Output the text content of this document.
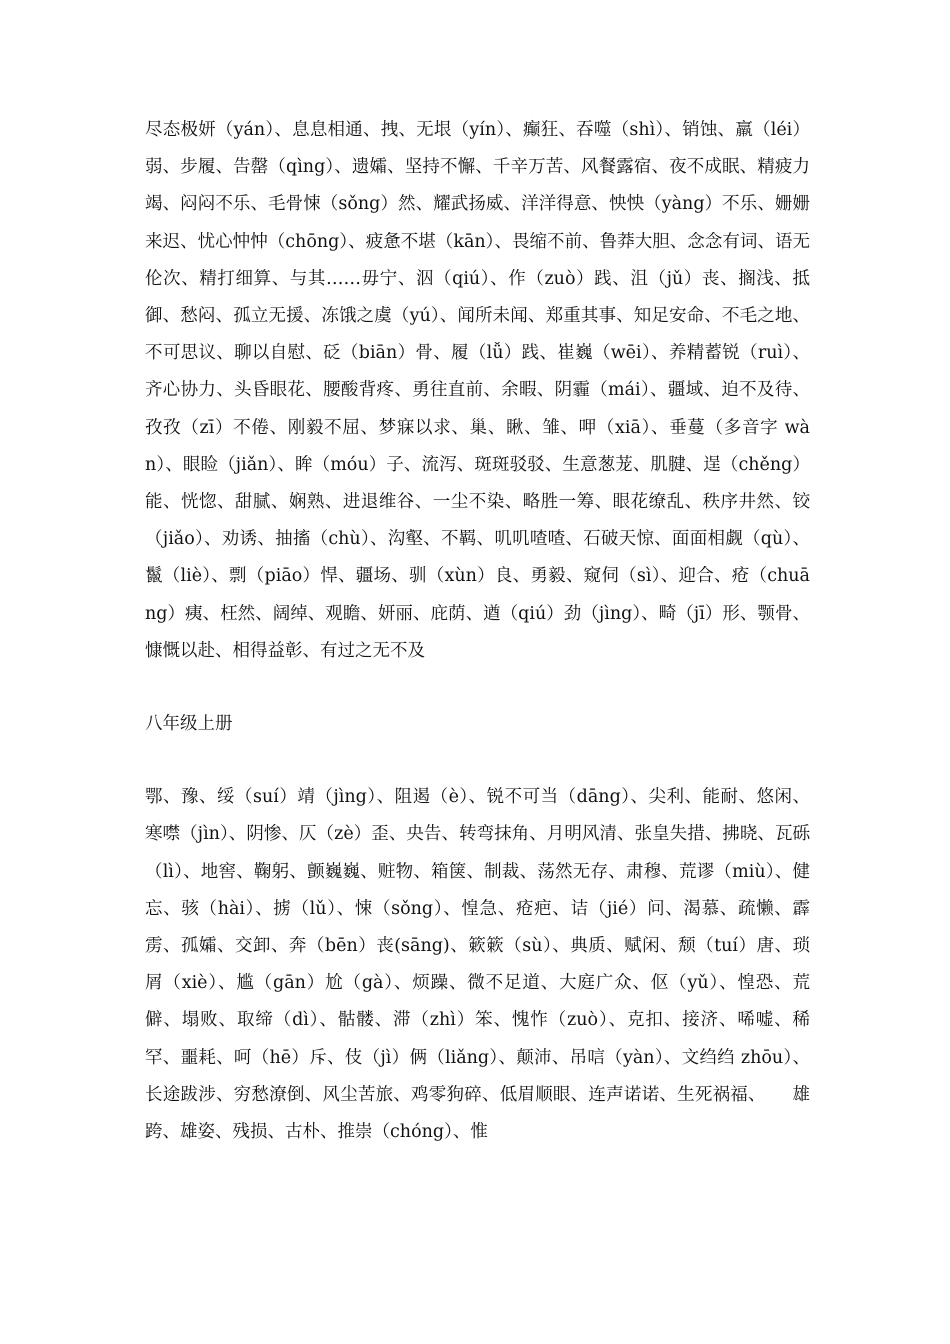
尽态极妍（yán）、息息相通、拽、无垠（yín）、癫狂、吞噬（shì）、销蚀、羸（léi）弱、步履、告罄（qìng）、遗孀、坚持不懈、千辛万苦、风餐露宿、夜不成眠、精疲力竭、闷闷不乐、毛骨悚（sǒng）然、耀武扬威、洋洋得意、怏怏（yàng）不乐、姗姗来迟、忧心忡忡（chōng）、疲惫不堪（kān）、畏缩不前、鲁莽大胆、念念有词、语无伦次、精打细算、与其……毋宁、泅（qiú）、作（zuò）践、沮（jǔ）丧、搁浅、抵御、愁闷、孤立无援、冻饿之虞（yú）、闻所未闻、郑重其事、知足安命、不毛之地、不可思议、聊以自慰、砭（biān）骨、履（lǚ）践、崔巍（wēi）、养精蓄锐（ruì）、齐心协力、头昏眼花、腰酸背疼、勇往直前、余暇、阴霾（mái）、疆域、迫不及待、孜孜（zī）不倦、刚毅不屈、梦寐以求、巢、瞅、雏、呷（xiā）、垂蔓（多音字 wàn）、眼睑（jiǎn）、眸（móu）子、流泻、斑斑驳驳、生意葱茏、肌腱、逞（chěng）能、恍惚、甜腻、娴熟、进退维谷、一尘不染、略胜一筹、眼花缭乱、秩序井然、铰（jiǎo）、劝诱、抽搐（chù）、沟壑、不羁、叽叽喳喳、石破天惊、面面相觑（qù）、鬣（liè）、剽（piāo）悍、疆场、驯（xùn）良、勇毅、窥伺（sì）、迎合、疮（chuāng）痍、枉然、阔绰、观瞻、妍丽、庇荫、遒（qiú）劲（jìng）、畸（jī）形、颚骨、慷慨以赴、相得益彰、有过之无不及

八年级上册

鄂、豫、绥（suí）靖（jìng）、阻遏（è）、锐不可当（dāng）、尖利、能耐、悠闲、寒噤（jìn）、阴惨、仄（zè）歪、央告、转弯抹角、月明风清、张皇失措、拂晓、瓦砾（lì）、地窖、鞠躬、颤巍巍、赃物、箱箧、制裁、荡然无存、肃穆、荒谬（miù）、健忘、骇（hài）、掳（lǔ）、悚（sǒng）、惶急、疮疤、诘（jié）问、渴慕、疏懒、霹雳、孤孀、交卸、奔（bēn）丧(sāng)、簌簌（sù）、典质、赋闲、颓（tuí）唐、琐屑（xiè）、尴（gān）尬（gà）、烦躁、微不足道、大庭广众、伛（yǔ）、惶恐、荒僻、塌败、取缔（dì）、骷髅、滞（zhì）笨、愧怍（zuò）、克扣、接济、唏嘘、稀罕、噩耗、呵（hē）斥、伎（jì）俩（liǎng）、颠沛、吊唁（yàn）、文绉绉 zhōu）、长途跋涉、穷愁潦倒、风尘苦旅、鸡零狗碎、低眉顺眼、连声诺诺、生死祸福、　　雄跨、雄姿、残损、古朴、推崇（chóng）、惟
